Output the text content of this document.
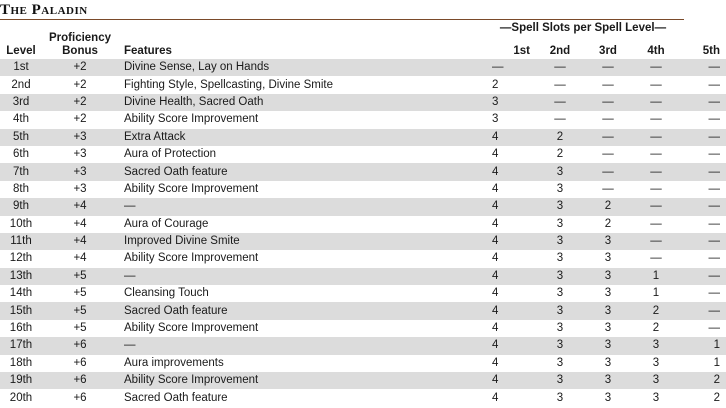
The Paladin
—Spell Slots per Spell Level—
Level	Proficiency Bonus	Features	1st	2nd	3rd	4th	5th
1st	+2	Divine Sense, Lay on Hands	—	—	—	—	—
2nd	+2	Fighting Style, Spellcasting, Divine Smite	2	—	—	—	—
3rd	+2	Divine Health, Sacred Oath	3	—	—	—	—
4th	+2	Ability Score Improvement	3	—	—	—	—
5th	+3	Extra Attack	4	2	—	—	—
6th	+3	Aura of Protection	4	2	—	—	—
7th	+3	Sacred Oath feature	4	3	—	—	—
8th	+3	Ability Score Improvement	4	3	—	—	—
9th	+4	—	4	3	2	—	—
10th	+4	Aura of Courage	4	3	2	—	—
11th	+4	Improved Divine Smite	4	3	3	—	—
12th	+4	Ability Score Improvement	4	3	3	—	—
13th	+5	—	4	3	3	1	—
14th	+5	Cleansing Touch	4	3	3	1	—
15th	+5	Sacred Oath feature	4	3	3	2	—
16th	+5	Ability Score Improvement	4	3	3	2	—
17th	+6	—	4	3	3	3	1
18th	+6	Aura improvements	4	3	3	3	1
19th	+6	Ability Score Improvement	4	3	3	3	2
20th	+6	Sacred Oath feature	4	3	3	3	2
